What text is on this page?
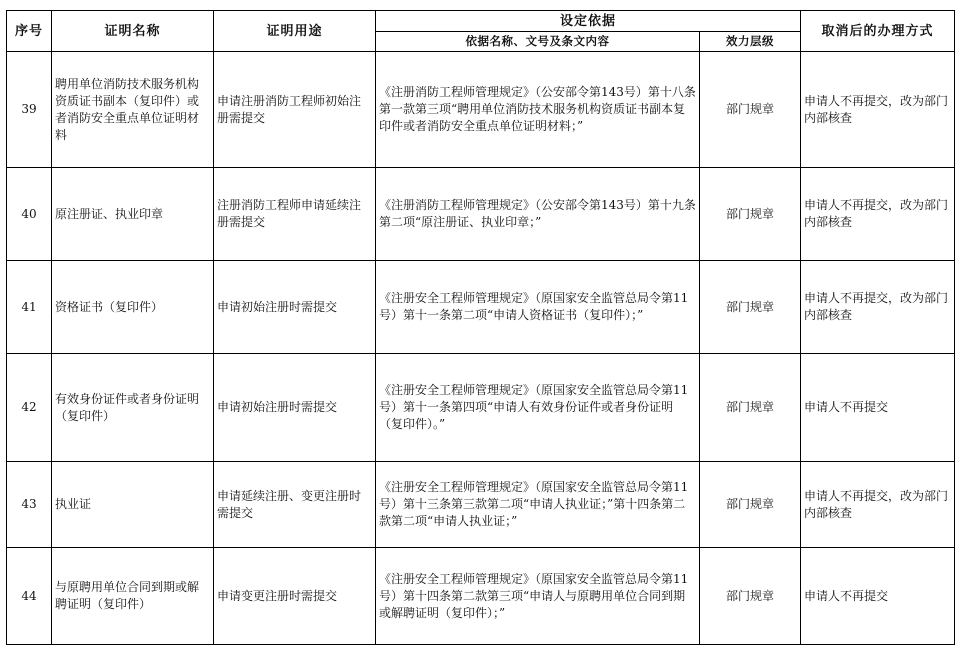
序号	证明名称	证明用途	设定依据		取消后的办理方式
			依据名称、文号及条文内容	效力层级	
39	聘用单位消防技术服务机构资质证书副本（复印件）或者消防安全重点单位证明材料	申请注册消防工程师初始注册需提交	《注册消防工程师管理规定》（公安部令第143号）第十八条第一款第三项“聘用单位消防技术服务机构资质证书副本复印件或者消防安全重点单位证明材料；”	部门规章	申请人不再提交，改为部门内部核查
40	原注册证、执业印章	注册消防工程师申请延续注册需提交	《注册消防工程师管理规定》（公安部令第143号）第十九条第二项“原注册证、执业印章；”	部门规章	申请人不再提交，改为部门内部核查
41	资格证书（复印件）	申请初始注册时需提交	《注册安全工程师管理规定》（原国家安全监管总局令第11号）第十一条第二项“申请人资格证书（复印件）；”	部门规章	申请人不再提交，改为部门内部核查
42	有效身份证件或者身份证明（复印件）	申请初始注册时需提交	《注册安全工程师管理规定》（原国家安全监管总局令第11号）第十一条第四项“申请人有效身份证件或者身份证明（复印件）。”	部门规章	申请人不再提交
43	执业证	申请延续注册、变更注册时需提交	《注册安全工程师管理规定》（原国家安全监管总局令第11号）第十三条第三款第二项“申请人执业证；”第十四条第二款第二项“申请人执业证；”	部门规章	申请人不再提交，改为部门内部核查
44	与原聘用单位合同到期或解聘证明（复印件）	申请变更注册时需提交	《注册安全工程师管理规定》（原国家安全监管总局令第11号）第十四条第二款第三项“申请人与原聘用单位合同到期或解聘证明（复印件）；”	部门规章	申请人不再提交
